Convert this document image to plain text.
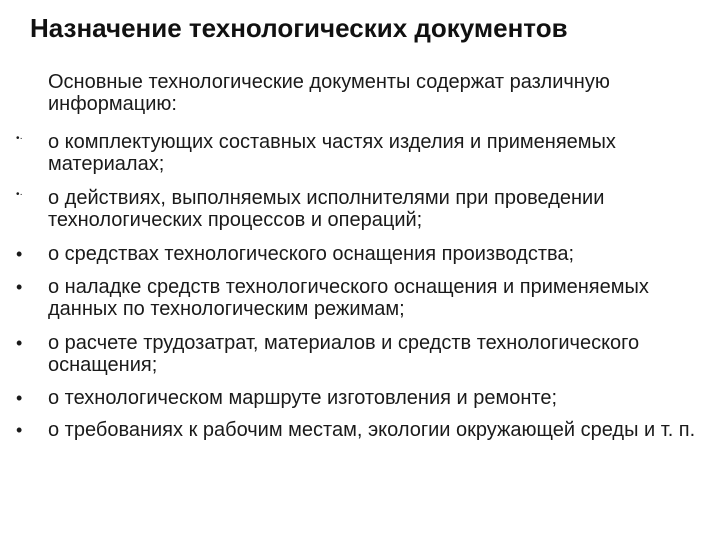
Назначение технологических документов
Основные технологические документы содержат различную информацию:
•·	о комплектующих составных частях изделия и применяемых материалах;
•·	о действиях, выполняемых исполнителями при проведении технологических процессов и операций;
•	о средствах технологического оснащения производства;
•	о наладке средств технологического оснащения и применяемых данных по технологическим режимам;
•	о расчете трудозатрат, материалов и средств технологического оснащения;
•	о технологическом маршруте изготовления и ремонте;
•	о требованиях к рабочим местам, экологии окружающей среды и т. п.
